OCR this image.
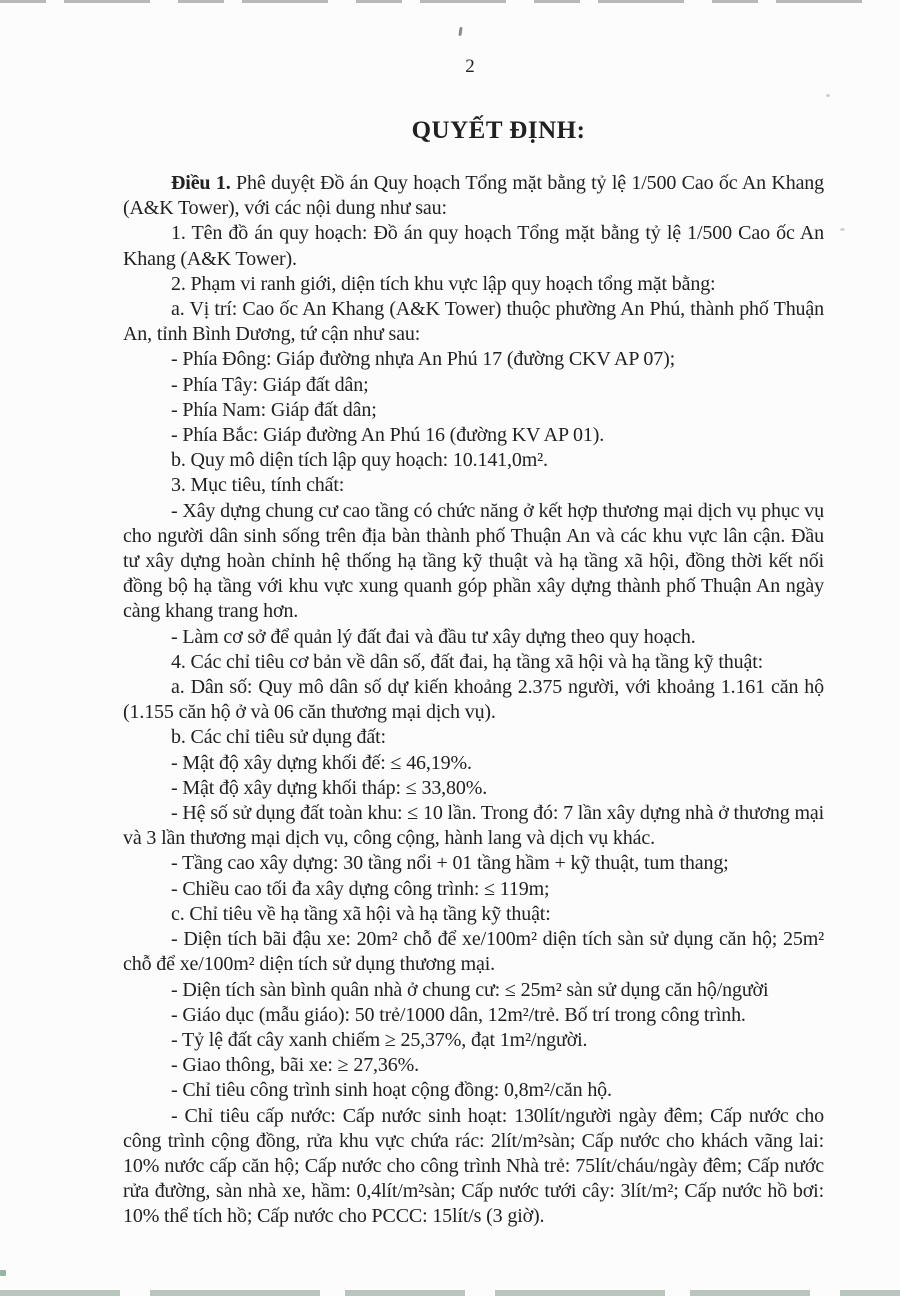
2
QUYẾT ĐỊNH:

Điều 1. Phê duyệt Đồ án Quy hoạch Tổng mặt bằng tỷ lệ 1/500 Cao ốc An Khang (A&K Tower), với các nội dung như sau:

1. Tên đồ án quy hoạch: Đồ án quy hoạch Tổng mặt bằng tỷ lệ 1/500 Cao ốc An Khang (A&K Tower).

2. Phạm vi ranh giới, diện tích khu vực lập quy hoạch tổng mặt bằng:

a. Vị trí: Cao ốc An Khang (A&K Tower) thuộc phường An Phú, thành phố Thuận An, tỉnh Bình Dương, tứ cận như sau:

- Phía Đông: Giáp đường nhựa An Phú 17 (đường CKV AP 07);

- Phía Tây: Giáp đất dân;

- Phía Nam: Giáp đất dân;

- Phía Bắc: Giáp đường An Phú 16 (đường KV AP 01).

b. Quy mô diện tích lập quy hoạch: 10.141,0m².

3. Mục tiêu, tính chất:

- Xây dựng chung cư cao tầng có chức năng ở kết hợp thương mại dịch vụ phục vụ cho người dân sinh sống trên địa bàn thành phố Thuận An và các khu vực lân cận. Đầu tư xây dựng hoàn chỉnh hệ thống hạ tầng kỹ thuật và hạ tầng xã hội, đồng thời kết nối đồng bộ hạ tầng với khu vực xung quanh góp phần xây dựng thành phố Thuận An ngày càng khang trang hơn.

- Làm cơ sở để quản lý đất đai và đầu tư xây dựng theo quy hoạch.

4. Các chỉ tiêu cơ bản về dân số, đất đai, hạ tầng xã hội và hạ tầng kỹ thuật:

a. Dân số: Quy mô dân số dự kiến khoảng 2.375 người, với khoảng 1.161 căn hộ (1.155 căn hộ ở và 06 căn thương mại dịch vụ).

b. Các chỉ tiêu sử dụng đất:

- Mật độ xây dựng khối đế: ≤ 46,19%.

- Mật độ xây dựng khối tháp: ≤ 33,80%.

- Hệ số sử dụng đất toàn khu: ≤ 10 lần. Trong đó: 7 lần xây dựng nhà ở thương mại và 3 lần thương mại dịch vụ, công cộng, hành lang và dịch vụ khác.

- Tầng cao xây dựng: 30 tầng nổi + 01 tầng hầm + kỹ thuật, tum thang;

- Chiều cao tối đa xây dựng công trình: ≤ 119m;

c. Chỉ tiêu về hạ tầng xã hội và hạ tầng kỹ thuật:

- Diện tích bãi đậu xe: 20m² chỗ để xe/100m² diện tích sàn sử dụng căn hộ; 25m² chỗ để xe/100m² diện tích sử dụng thương mại.

- Diện tích sàn bình quân nhà ở chung cư: ≤ 25m² sàn sử dụng căn hộ/người

- Giáo dục (mẫu giáo): 50 trẻ/1000 dân, 12m²/trẻ. Bố trí trong công trình.

- Tỷ lệ đất cây xanh chiếm ≥ 25,37%, đạt 1m²/người.

- Giao thông, bãi xe: ≥ 27,36%.

- Chỉ tiêu công trình sinh hoạt cộng đồng: 0,8m²/căn hộ.

- Chỉ tiêu cấp nước: Cấp nước sinh hoạt: 130lít/người ngày đêm; Cấp nước cho công trình cộng đồng, rửa khu vực chứa rác: 2lít/m²sàn; Cấp nước cho khách vãng lai: 10% nước cấp căn hộ; Cấp nước cho công trình Nhà trẻ: 75lít/cháu/ngày đêm; Cấp nước rửa đường, sàn nhà xe, hầm: 0,4lít/m²sàn; Cấp nước tưới cây: 3lít/m²; Cấp nước hồ bơi: 10% thể tích hồ; Cấp nước cho PCCC: 15lít/s (3 giờ).
